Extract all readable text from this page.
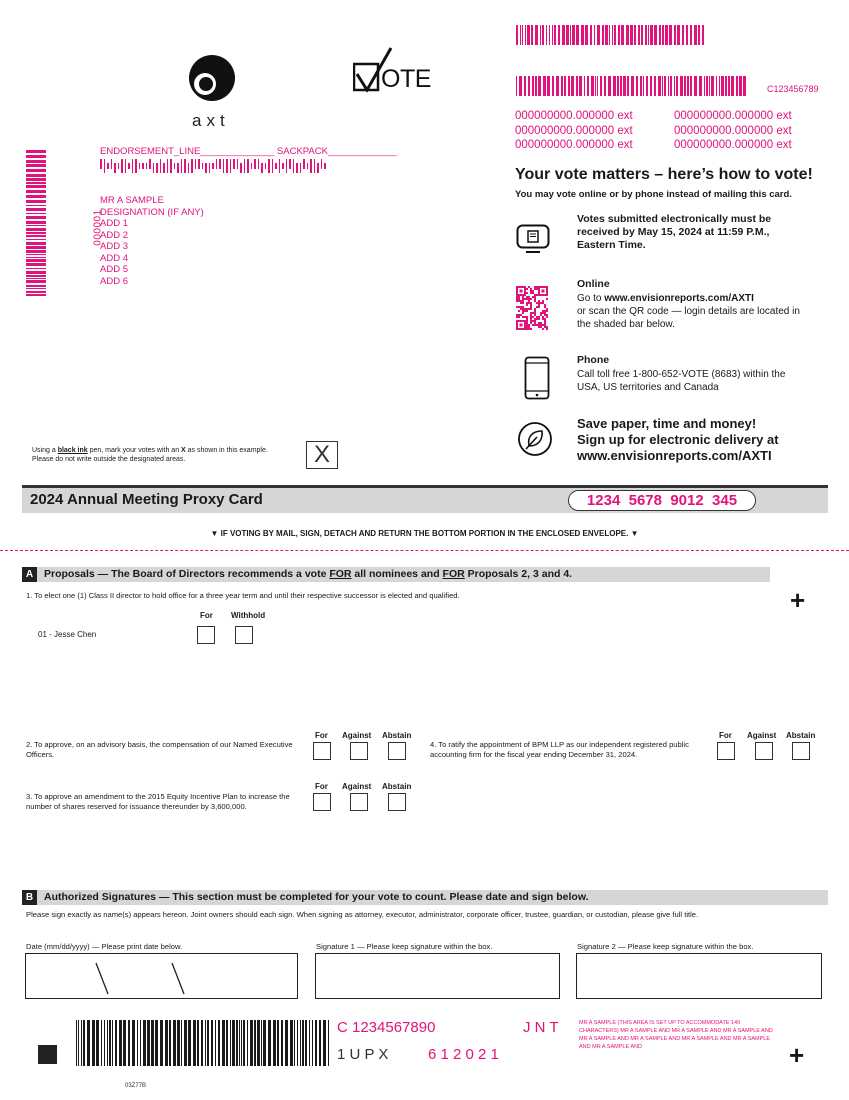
axt
OTE	C123456789
000000000.000000 ext
000000000.000000 ext
000000000.000000 ext
000000000.000000 ext
000000000.000000 ext
000000000.000000 ext
ENDORSEMENT_LINE______________ SACKPACK_____________
000001
MR A SAMPLE
DESIGNATION (IF ANY)
ADD 1
ADD 2
ADD 3
ADD 4
ADD 5
ADD 6
Your vote matters – here’s how to vote!
You may vote online or by phone instead of mailing this card.
Votes submitted electronically must be received by May 15, 2024 at 11:59 P.M., Eastern Time.
Online
Go to www.envisionreports.com/AXTI
or scan the QR code — login details are located in the shaded bar below.
Phone
Call toll free 1-800-652-VOTE (8683) within the USA, US territories and Canada
Save paper, time and money!
Sign up for electronic delivery at
www.envisionreports.com/AXTI
Using a black ink pen, mark your votes with an X as shown in this example.
Please do not write outside the designated areas.	X
2024 Annual Meeting Proxy Card	1234  5678  9012  345
▼ IF VOTING BY MAIL, SIGN, DETACH AND RETURN THE BOTTOM PORTION IN THE ENCLOSED ENVELOPE. ▼
A	Proposals — The Board of Directors recommends a vote FOR all nominees and FOR Proposals 2, 3 and 4.
1. To elect one (1) Class II director to hold office for a three year term and until their respective successor is elected and qualified.	+
For Withhold
01 - Jesse Chen
2. To approve, on an advisory basis, the compensation of our Named Executive Officers.
For Against Abstain
3. To approve an amendment to the 2015 Equity Incentive Plan to increase the number of shares reserved for issuance thereunder by 3,600,000.
For Against Abstain
4. To ratify the appointment of BPM LLP as our independent registered public accounting firm for the fiscal year ending December 31, 2024.
For Against Abstain
B	Authorized Signatures — This section must be completed for your vote to count. Please date and sign below.
Please sign exactly as name(s) appears hereon. Joint owners should each sign. When signing as attorney, executor, administrator, corporate officer, trustee, guardian, or custodian, please give full title.
Date (mm/dd/yyyy) — Please print date below.	Signature 1 — Please keep signature within the box.	Signature 2 — Please keep signature within the box.
C 1234567890	J N T
1 U P X	6 1 2 0 2 1
MR A SAMPLE (THIS AREA IS SET UP TO ACCOMMODATE 140 CHARACTERS) MR A SAMPLE AND MR A SAMPLE AND MR A SAMPLE AND MR A SAMPLE AND MR A SAMPLE AND MR A SAMPLE AND MR A SAMPLE AND MR A SAMPLE AND	+
03Z77B
